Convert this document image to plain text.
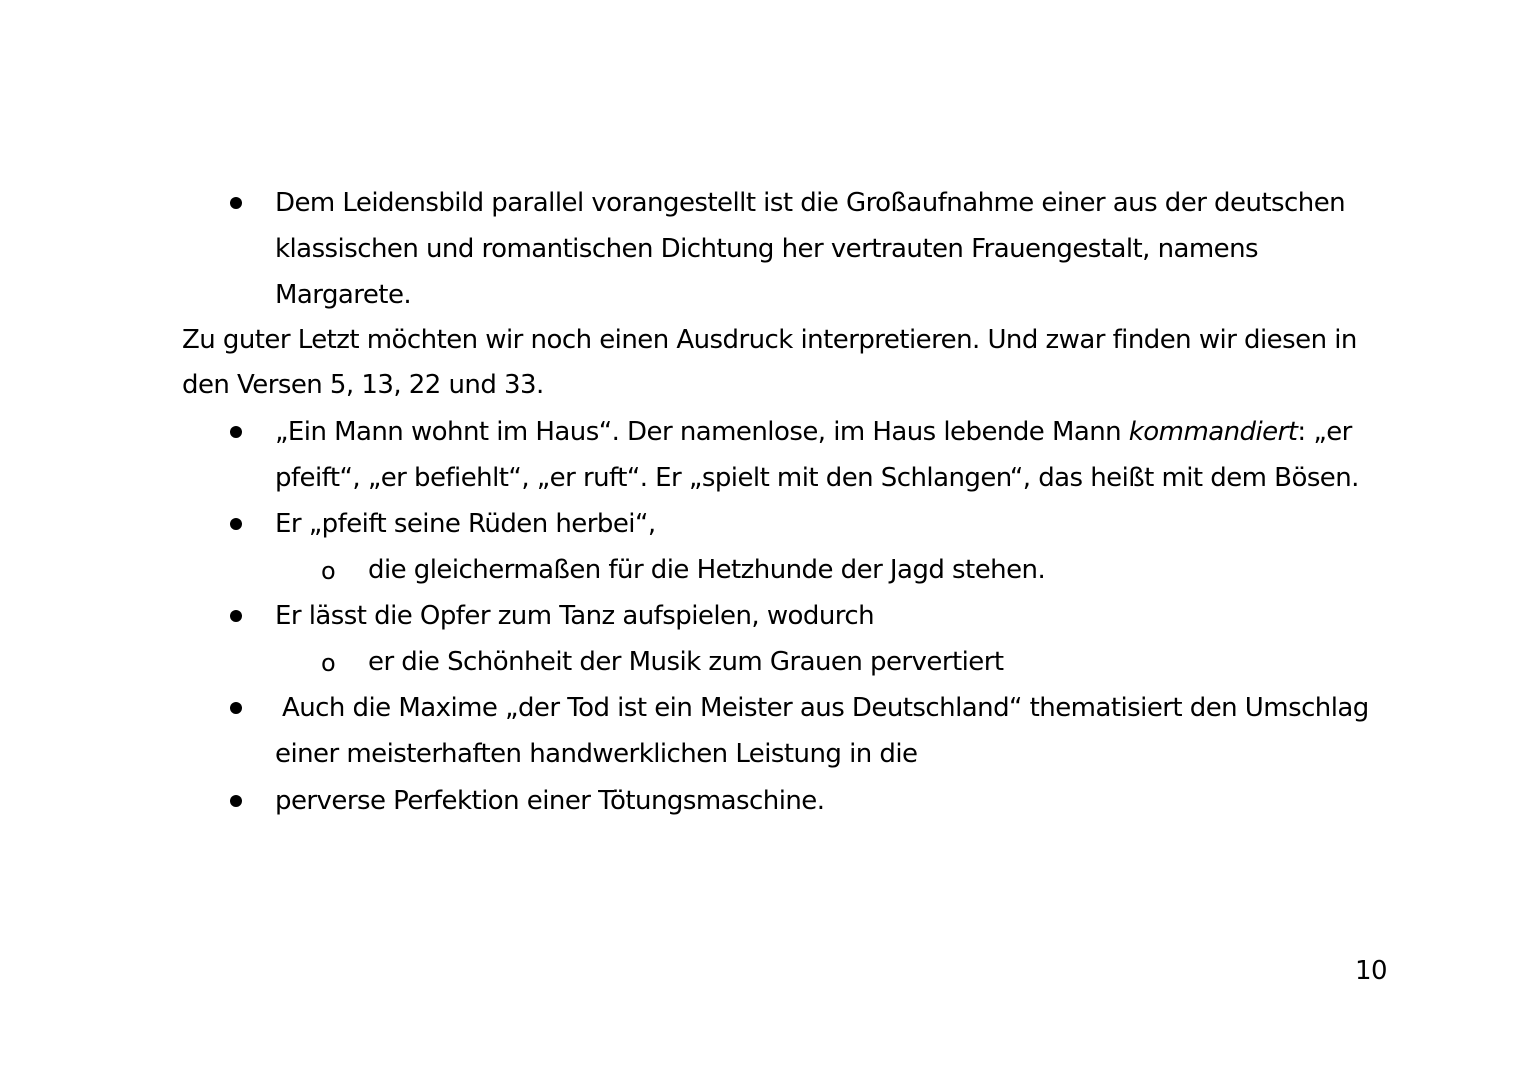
Dem Leidensbild parallel vorangestellt ist die Großaufnahme einer aus der deutschen
klassischen und romantischen Dichtung her vertrauten Frauengestalt, namens
Margarete.
Zu guter Letzt möchten wir noch einen Ausdruck interpretieren. Und zwar finden wir diesen in
den Versen 5, 13, 22 und 33.
„Ein Mann wohnt im Haus“. Der namenlose, im Haus lebende Mann kommandiert: „er
pfeift“, „er befiehlt“, „er ruft“. Er „spielt mit den Schlangen“, das heißt mit dem Bösen.
Er „pfeift seine Rüden herbei“,
o die gleichermaßen für die Hetzhunde der Jagd stehen.
Er lässt die Opfer zum Tanz aufspielen, wodurch
o er die Schönheit der Musik zum Grauen pervertiert
Auch die Maxime „der Tod ist ein Meister aus Deutschland“ thematisiert den Umschlag
einer meisterhaften handwerklichen Leistung in die
perverse Perfektion einer Tötungsmaschine.
10
